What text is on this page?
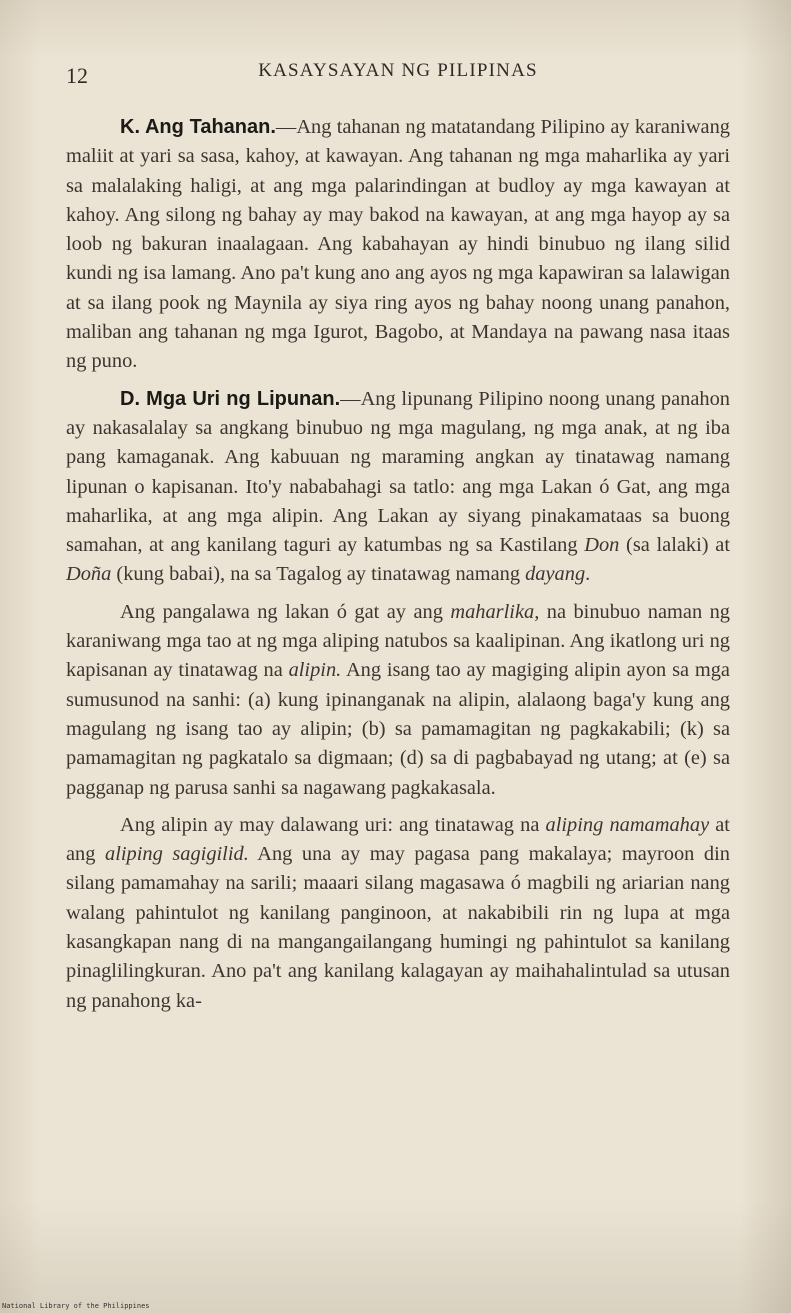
12	KASAYSAYAN NG PILIPINAS

K. Ang Tahanan.—Ang tahanan ng matatandang Pilipino ay karaniwang maliit at yari sa sasa, kahoy, at kawayan. Ang tahanan ng mga maharlika ay yari sa malalaking haligi, at ang mga palarindingan at budloy ay mga kawayan at kahoy. Ang silong ng bahay ay may bakod na kawayan, at ang mga hayop ay sa loob ng bakuran inaalagaan. Ang kabahayan ay hindi binubuo ng ilang silid kundi ng isa lamang. Ano pa't kung ano ang ayos ng mga kapawiran sa lalawigan at sa ilang pook ng Maynila ay siya ring ayos ng bahay noong unang panahon, maliban ang tahanan ng mga Igurot, Bagobo, at Mandaya na pawang nasa itaas ng puno.

D. Mga Uri ng Lipunan.—Ang lipunang Pilipino noong unang panahon ay nakasalalay sa angkang binubuo ng mga magulang, ng mga anak, at ng iba pang kamaganak. Ang kabuuan ng maraming angkan ay tinatawag namang lipunan o kapisanan. Ito'y nababahagi sa tatlo: ang mga Lakan ó Gat, ang mga maharlika, at ang mga alipin. Ang Lakan ay siyang pinakamataas sa buong samahan, at ang kanilang taguri ay katumbas ng sa Kastilang Don (sa lalaki) at Doña (kung babai), na sa Tagalog ay tinatawag namang dayang.

Ang pangalawa ng lakan ó gat ay ang maharlika, na binubuo naman ng karaniwang mga tao at ng mga aliping natubos sa kaalipinan. Ang ikatlong uri ng kapisanan ay tinatawag na alipin. Ang isang tao ay magiging alipin ayon sa mga sumusunod na sanhi: (a) kung ipinanganak na alipin, alalaong baga'y kung ang magulang ng isang tao ay alipin; (b) sa pamamagitan ng pagkakabili; (k) sa pamamagitan ng pagkatalo sa digmaan; (d) sa di pagbabayad ng utang; at (e) sa pagganap ng parusa sanhi sa nagawang pagkakasala.

Ang alipin ay may dalawang uri: ang tinatawag na aliping namamahay at ang aliping sagigilid. Ang una ay may pagasa pang makalaya; mayroon din silang pamamahay na sarili; maaari silang magasawa ó magbili ng ariarian nang walang pahintulot ng kanilang panginoon, at nakabibili rin ng lupa at mga kasangkapan nang di na mangangailangang humingi ng pahintulot sa kanilang pinaglilingkuran. Ano pa't ang kanilang kalagayan ay maihahalintulad sa utusan ng panahong ka-

National Library of the Philippines
